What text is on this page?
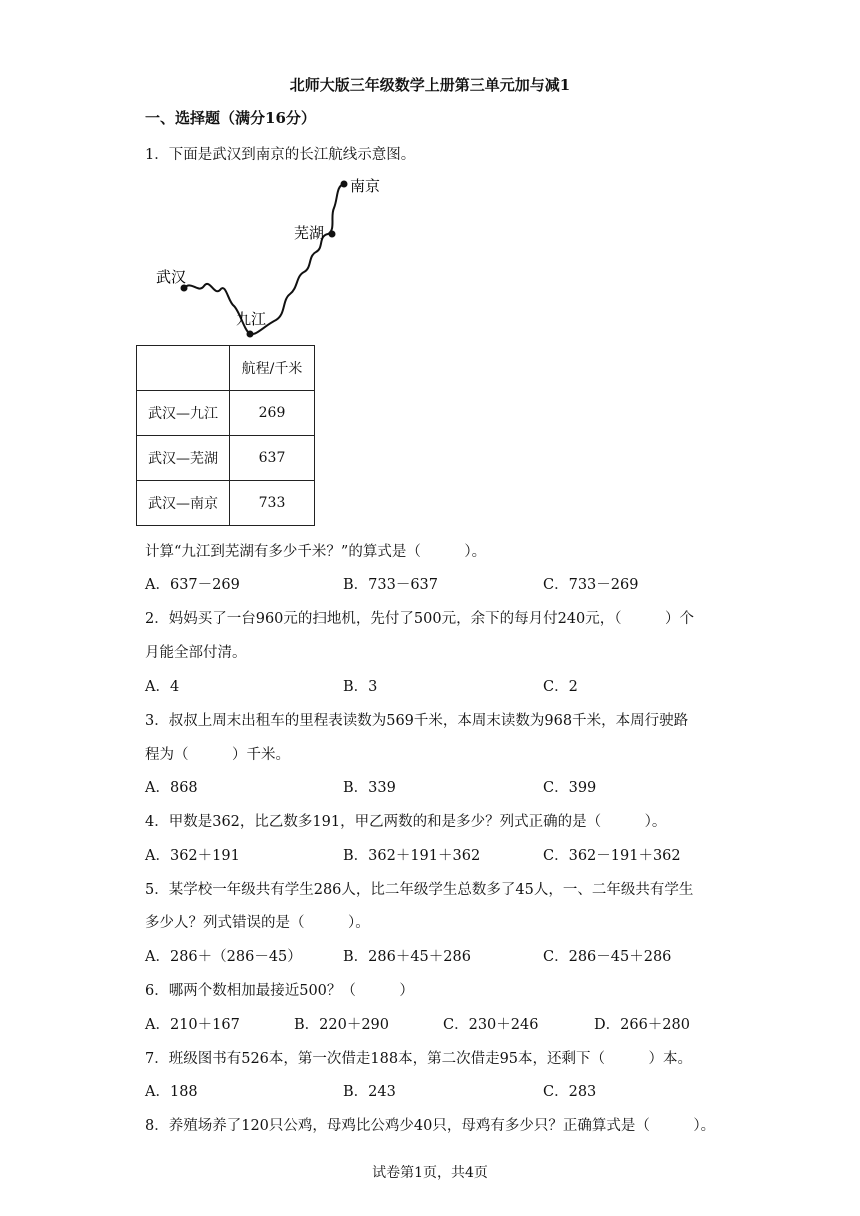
北师大版三年级数学上册第三单元加与减1
一、选择题（满分16分）
1．下面是武汉到南京的长江航线示意图。
南京
芜湖
武汉
九江
	航程/千米
武汉—九江	269
武汉—芜湖	637
武汉—南京	733
计算“九江到芜湖有多少千米？”的算式是（　　　）。
A．637－269	B．733－637	C．733－269
2．妈妈买了一台960元的扫地机，先付了500元，余下的每月付240元，（　　　）个
月能全部付清。
A．4	B．3	C．2
3．叔叔上周末出租车的里程表读数为569千米，本周末读数为968千米，本周行驶路
程为（　　　）千米。
A．868	B．339	C．399
4．甲数是362，比乙数多191，甲乙两数的和是多少？列式正确的是（　　　）。
A．362＋191	B．362＋191＋362	C．362－191＋362
5．某学校一年级共有学生286人，比二年级学生总数多了45人，一、二年级共有学生
多少人？列式错误的是（　　　）。
A．286＋（286－45）	B．286＋45＋286	C．286－45＋286
6．哪两个数相加最接近500？（　　　）
A．210＋167	B．220＋290	C．230＋246	D．266＋280
7．班级图书有526本，第一次借走188本，第二次借走95本，还剩下（　　　）本。
A．188	B．243	C．283
8．养殖场养了120只公鸡，母鸡比公鸡少40只，母鸡有多少只？正确算式是（　　　）。
试卷第1页，共4页
